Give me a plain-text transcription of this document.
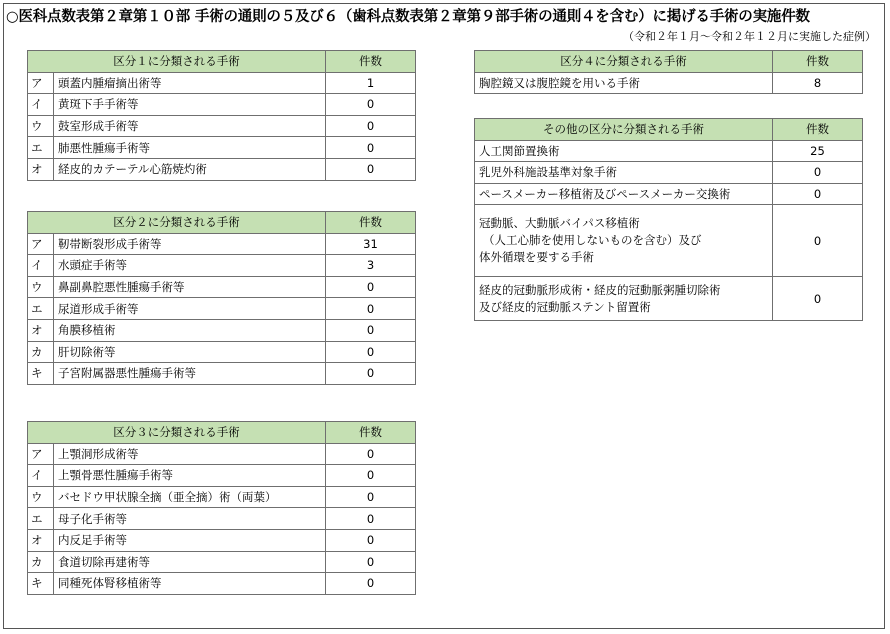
○医科点数表第２章第１０部 手術の通則の５及び６（歯科点数表第２章第９部手術の通則４を含む）に掲げる手術の実施件数
（令和２年１月～令和２年１２月に実施した症例）
区分１に分類される手術		件数
ア	頭蓋内腫瘤摘出術等	1
イ	黄斑下手手術等	0
ウ	鼓室形成手術等	0
エ	肺悪性腫瘍手術等	0
オ	経皮的カテーテル心筋焼灼術	0
区分２に分類される手術		件数
ア	靭帯断裂形成手術等	31
イ	水頭症手術等	3
ウ	鼻副鼻腔悪性腫瘍手術等	0
エ	尿道形成手術等	0
オ	角膜移植術	0
カ	肝切除術等	0
キ	子宮附属器悪性腫瘍手術等	0
区分３に分類される手術		件数
ア	上顎洞形成術等	0
イ	上顎骨悪性腫瘍手術等	0
ウ	バセドウ甲状腺全摘（亜全摘）術（両葉）	0
エ	母子化手術等	0
オ	内反足手術等	0
カ	食道切除再建術等	0
キ	同種死体腎移植術等	0
区分４に分類される手術	件数
胸腔鏡又は腹腔鏡を用いる手術	8
その他の区分に分類される手術	件数
人工関節置換術	25
乳児外科施設基準対象手術	0
ペースメーカー移植術及びペースメーカー交換術	0

冠動脈、大動脈バイパス移植術
（人工心肺を使用しないものを含む）及び
体外循環を要する手術	0

経皮的冠動脈形成術・経皮的冠動脈粥腫切除術
及び経皮的冠動脈ステント留置術	0
